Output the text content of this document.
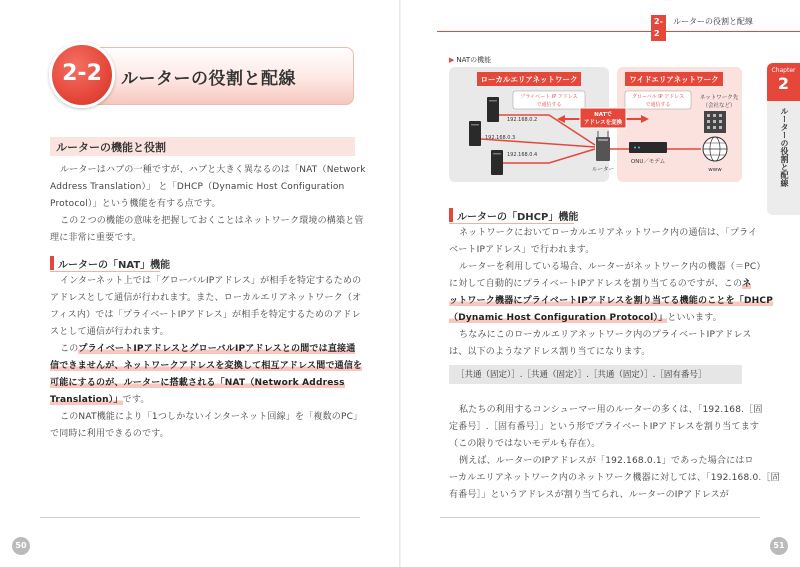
ルーターの役割と配線
2-2
ルーターの機能と役割

ルーターはハブの一種ですが、ハブと大きく異なるのは「NAT（Network

Address Translation）」 と「DHCP（Dynamic Host Configuration

Protocol）」という機能を有する点です。

この２つの機能の意味を把握しておくことはネットワーク環境の構築と管

理に非常に重要です。

ルーターの「NAT」機能

インターネット上では「グローバルIPアドレス」が相手を特定するための

アドレスとして通信が行われます。また、ローカルエリアネットワーク（オ

フィス内）では「プライベートIPアドレス」が相手を特定するためのアドレ

スとして通信が行われます。

このプライベートIPアドレスとグローバルIPアドレスとの間では直接通

信できませんが、ネットワークアドレスを変換して相互アドレス間で通信を

可能にするのが、ルーターに搭載される「NAT（Network Address

Translation）」です。

このNAT機能により「1つしかないインターネット回線」を「複数のPC」

で同時に利用できるのです。

50
2-2
ルーターの役割と配線
Chapter
2
ルーターの役割と配線
▶ NATの機能
ローカルエリアネットワーク	ワイドエリアネットワーク
プライベート IP アドレス
で通信する
グローバル IP アドレス
で通信する
ネットワーク先
（会社など）
192.168.0.2
192.168.0.3
192.168.0.4
NATで
アドレスを変換
ルーター
ONU／モデム
www
ルーターの「DHCP」機能

ネットワークにおいてローカルエリアネットワーク内の通信は、「プライ

ベートIPアドレス」で行われます。

ルーターを利用している場合、ルーターがネットワーク内の機器（＝PC）

に対して自動的にプライベートIPアドレスを割り当てるのですが、このネ

ットワーク機器にプライベートIPアドレスを割り当てる機能のことを「DHCP

（Dynamic Host Configuration Protocol）」といいます。

ちなみにこのローカルエリアネットワーク内のプライベートIPアドレス

は、以下のようなアドレス割り当てになります。

［共通（固定）］.［共通（固定）］.［共通（固定）］.［固有番号］

私たちの利用するコンシューマー用のルーターの多くは、「192.168.［固

定番号］.［固有番号］」という形でプライベートIPアドレスを割り当てます

（この限りではないモデルも存在）。

例えば、ルーターのIPアドレスが「192.168.0.1」であった場合にはロ

ーカルエリアネットワーク内のネットワーク機器に対しては、「192.168.0.［固

有番号］」というアドレスが割り当てられ、ルーターのIPアドレスが

51
